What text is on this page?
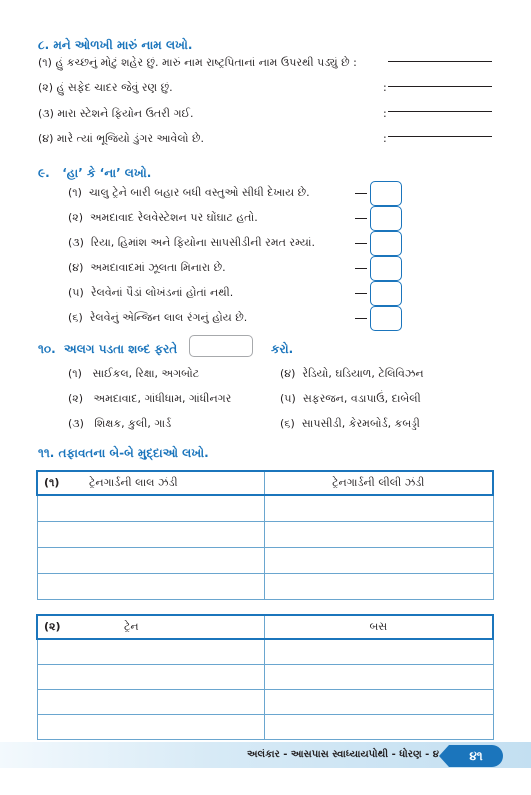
૮. મને ઓળખી મારું નામ લખો.
(૧) હું કચ્છનું મોટું શહેર છું. મારું નામ રાષ્ટ્રપિતાનાં નામ ઉપરથી પડ્યું છે :
(૨) હું સફેદ ચાદર જેવું રણ છું.	:
(૩) મારા સ્ટેશને ફિયોન ઉતરી ગઈ.	:
(૪) મારે ત્યાં ભૂજિયો ડુંગર આવેલો છે.	:
૯. ‘હા’ કે ‘ના’ લખો.
(૧) ચાલુ ટ્રેને બારી બહાર બધી વસ્તુઓ સીધી દેખાય છે.
(૨) અમદાવાદ રેલવેસ્ટેશન પર ઘોંઘાટ હતો.
(૩) રિયા, હિમાંશ અને ફિયોના સાપસીડીની રમત રમ્યાં.
(૪) અમદાવાદમાં ઝૂલતા મિનારા છે.
(૫) રેલવેનાં પૈડાં લોખંડનાં હોતાં નથી.
(૬) રેલવેનું એન્જિન લાલ રંગનું હોય છે.
૧૦. અલગ પડતા શબ્દ ફરતે	કરો.
(૧) સાઈકલ, રિક્ષા, અગબોટ
(૨) અમદાવાદ, ગાંધીધામ, ગાંધીનગર
(૩) શિક્ષક, કુલી, ગાર્ડ
(૪) રેડિયો, ઘડિયાળ, ટેલિવિઝન
(૫) સફરજન, વડાપાઉં, દાબેલી
(૬) સાપસીડી, કેરમબોર્ડ, કબડ્ડી
૧૧. તફાવતના બે-બે મુદ્દાઓ લખો.
(૧) ટ્રેનગાર્ડની લાલ ઝંડી	ટ્રેનગાર્ડની લીલી ઝંડી

(૨) ટ્રેન	બસ

અલંકાર - આસપાસ સ્વાધ્યાયપોથી - ધોરણ - ૪	૪૧
